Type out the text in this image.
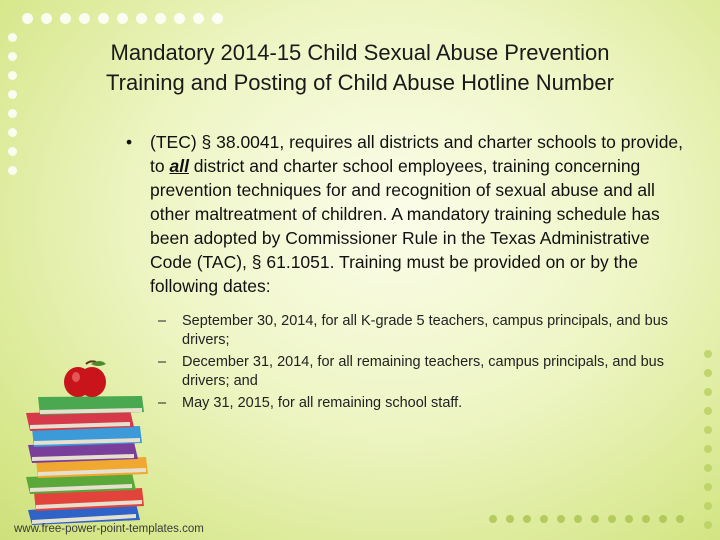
Mandatory 2014-15 Child Sexual Abuse Prevention
Training and Posting of Child Abuse Hotline Number
• (TEC) § 38.0041, requires all districts and charter schools to provide, to all district and charter school employees, training concerning prevention techniques for and recognition of sexual abuse and all other maltreatment of children. A mandatory training schedule has been adopted by Commissioner Rule in the Texas Administrative Code (TAC), § 61.1051. Training must be provided on or by the following dates:
– September 30, 2014, for all K-grade 5 teachers, campus principals, and bus drivers;
– December 31, 2014, for all remaining teachers, campus principals, and bus drivers; and
– May 31, 2015, for all remaining school staff.
www.free-power-point-templates.com
